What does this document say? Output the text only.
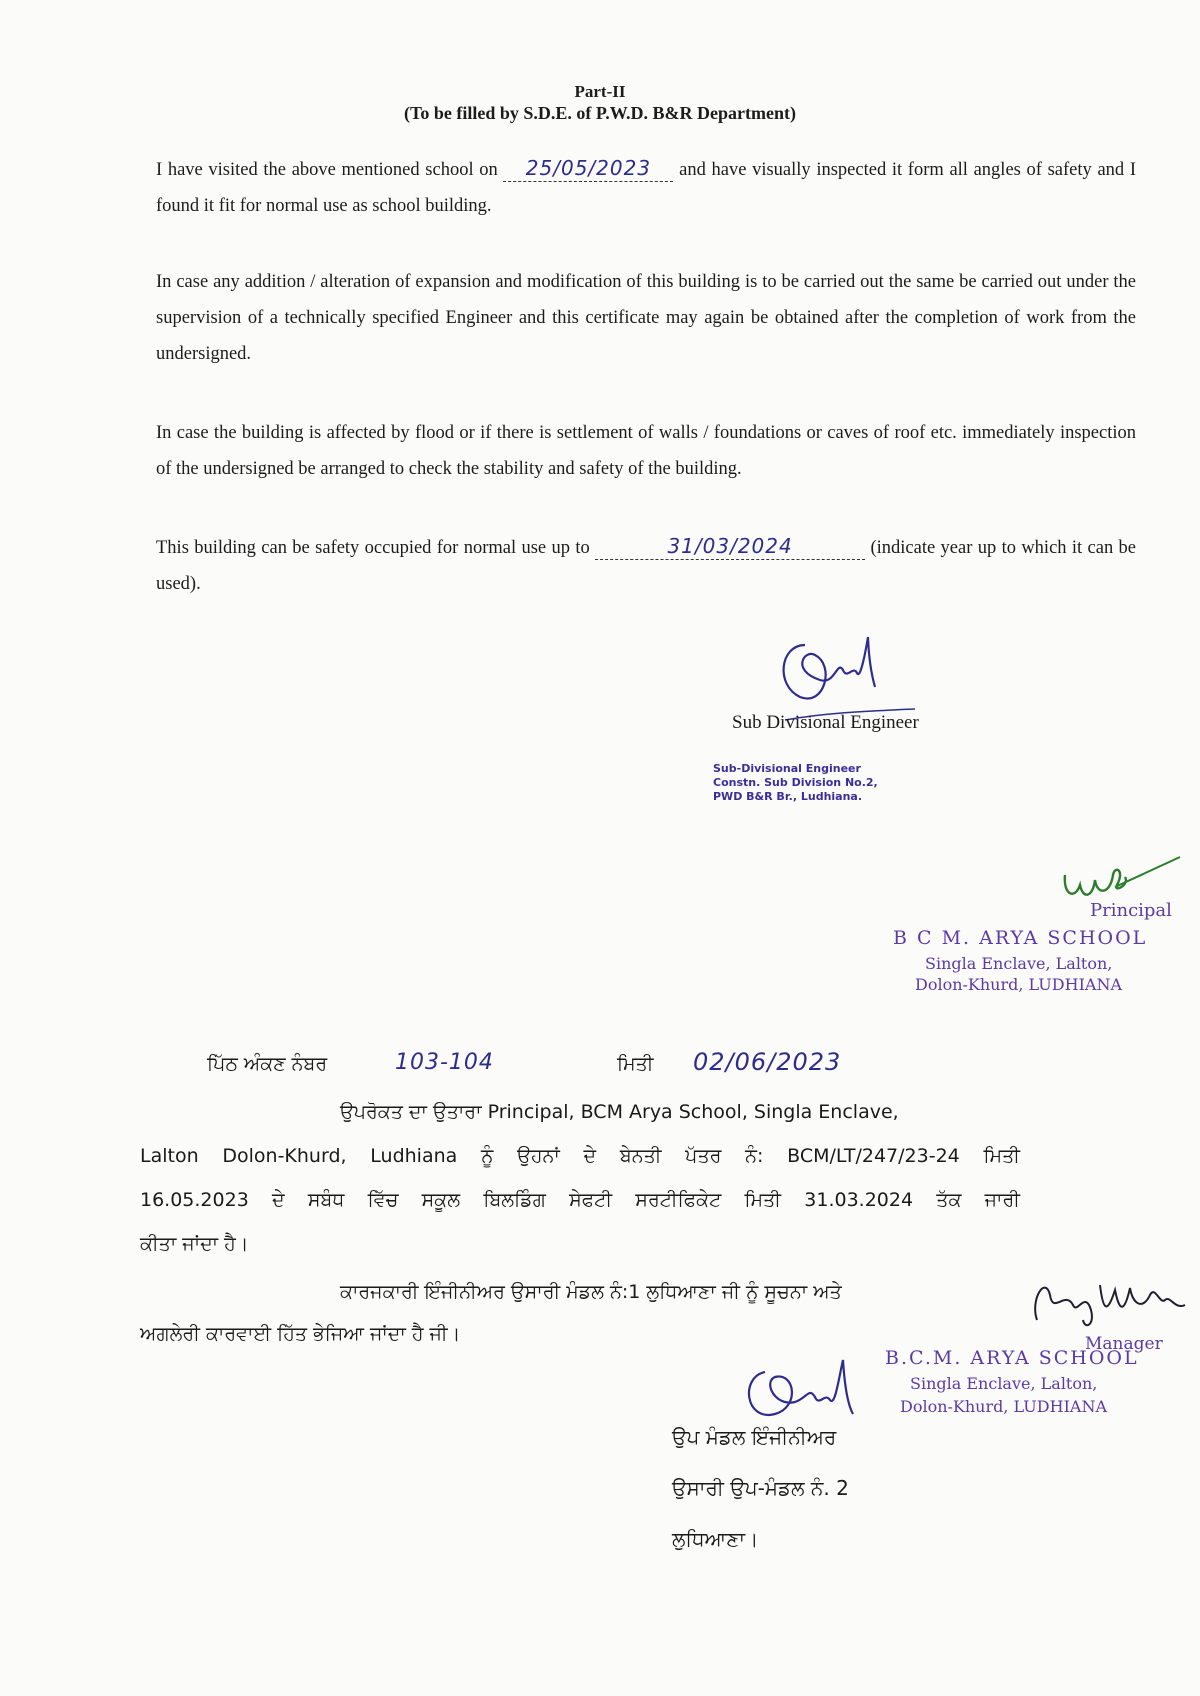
Part-II
(To be filled by S.D.E. of P.W.D. B&R Department)
I have visited the above mentioned school on 25/05/2023 and have visually inspected it form all angles of safety and I found it fit for normal use as school building.
In case any addition / alteration of expansion and modification of this building is to be carried out the same be carried out under the supervision of a technically specified Engineer and this certificate may again be obtained after the completion of work from the undersigned.
In case the building is affected by flood or if there is settlement of walls / foundations or caves of roof etc. immediately inspection of the undersigned be arranged to check the stability and safety of the building.
This building can be safety occupied for normal use up to	31/03/2024	(indicate year up to which it can be used).
Sub Divisional Engineer
Sub-Divisional Engineer
Constn. Sub Division No.2,
PWD B&R Br., Ludhiana.
Principal
B C M. ARYA SCHOOL
Singla Enclave, Lalton,
Dolon-Khurd, LUDHIANA
ਪਿੱਠ ਅੰਕਣ ਨੰਬਰ	103-104	ਮਿਤੀ 02/06/2023
ਉਪਰੋਕਤ ਦਾ ਉਤਾਰਾ Principal, BCM Arya School, Singla Enclave,
Lalton Dolon-Khurd, Ludhiana ਨੂੰ ਉਹਨਾਂ ਦੇ ਬੇਨਤੀ ਪੱਤਰ ਨੰ: BCM/LT/247/23-24 ਮਿਤੀ
16.05.2023 ਦੇ ਸਬੰਧ ਵਿੱਚ ਸਕੂਲ ਬਿਲਡਿੰਗ ਸੇਫਟੀ ਸਰਟੀਫਿਕੇਟ ਮਿਤੀ 31.03.2024 ਤੱਕ ਜਾਰੀ
ਕੀਤਾ ਜਾਂਦਾ ਹੈ।
ਕਾਰਜਕਾਰੀ ਇੰਜੀਨੀਅਰ ਉਸਾਰੀ ਮੰਡਲ ਨੰ:1 ਲੁਧਿਆਣਾ ਜੀ ਨੂੰ ਸੂਚਨਾ ਅਤੇ
ਅਗਲੇਰੀ ਕਾਰਵਾਈ ਹਿੱਤ ਭੇਜਿਆ ਜਾਂਦਾ ਹੈ ਜੀ।	Manager
B.C.M. ARYA SCHOOL
Singla Enclave, Lalton,
Dolon-Khurd, LUDHIANA
ਉਪ ਮੰਡਲ ਇੰਜੀਨੀਅਰ
ਉਸਾਰੀ ਉਪ-ਮੰਡਲ ਨੰ. 2
ਲੁਧਿਆਣਾ।
